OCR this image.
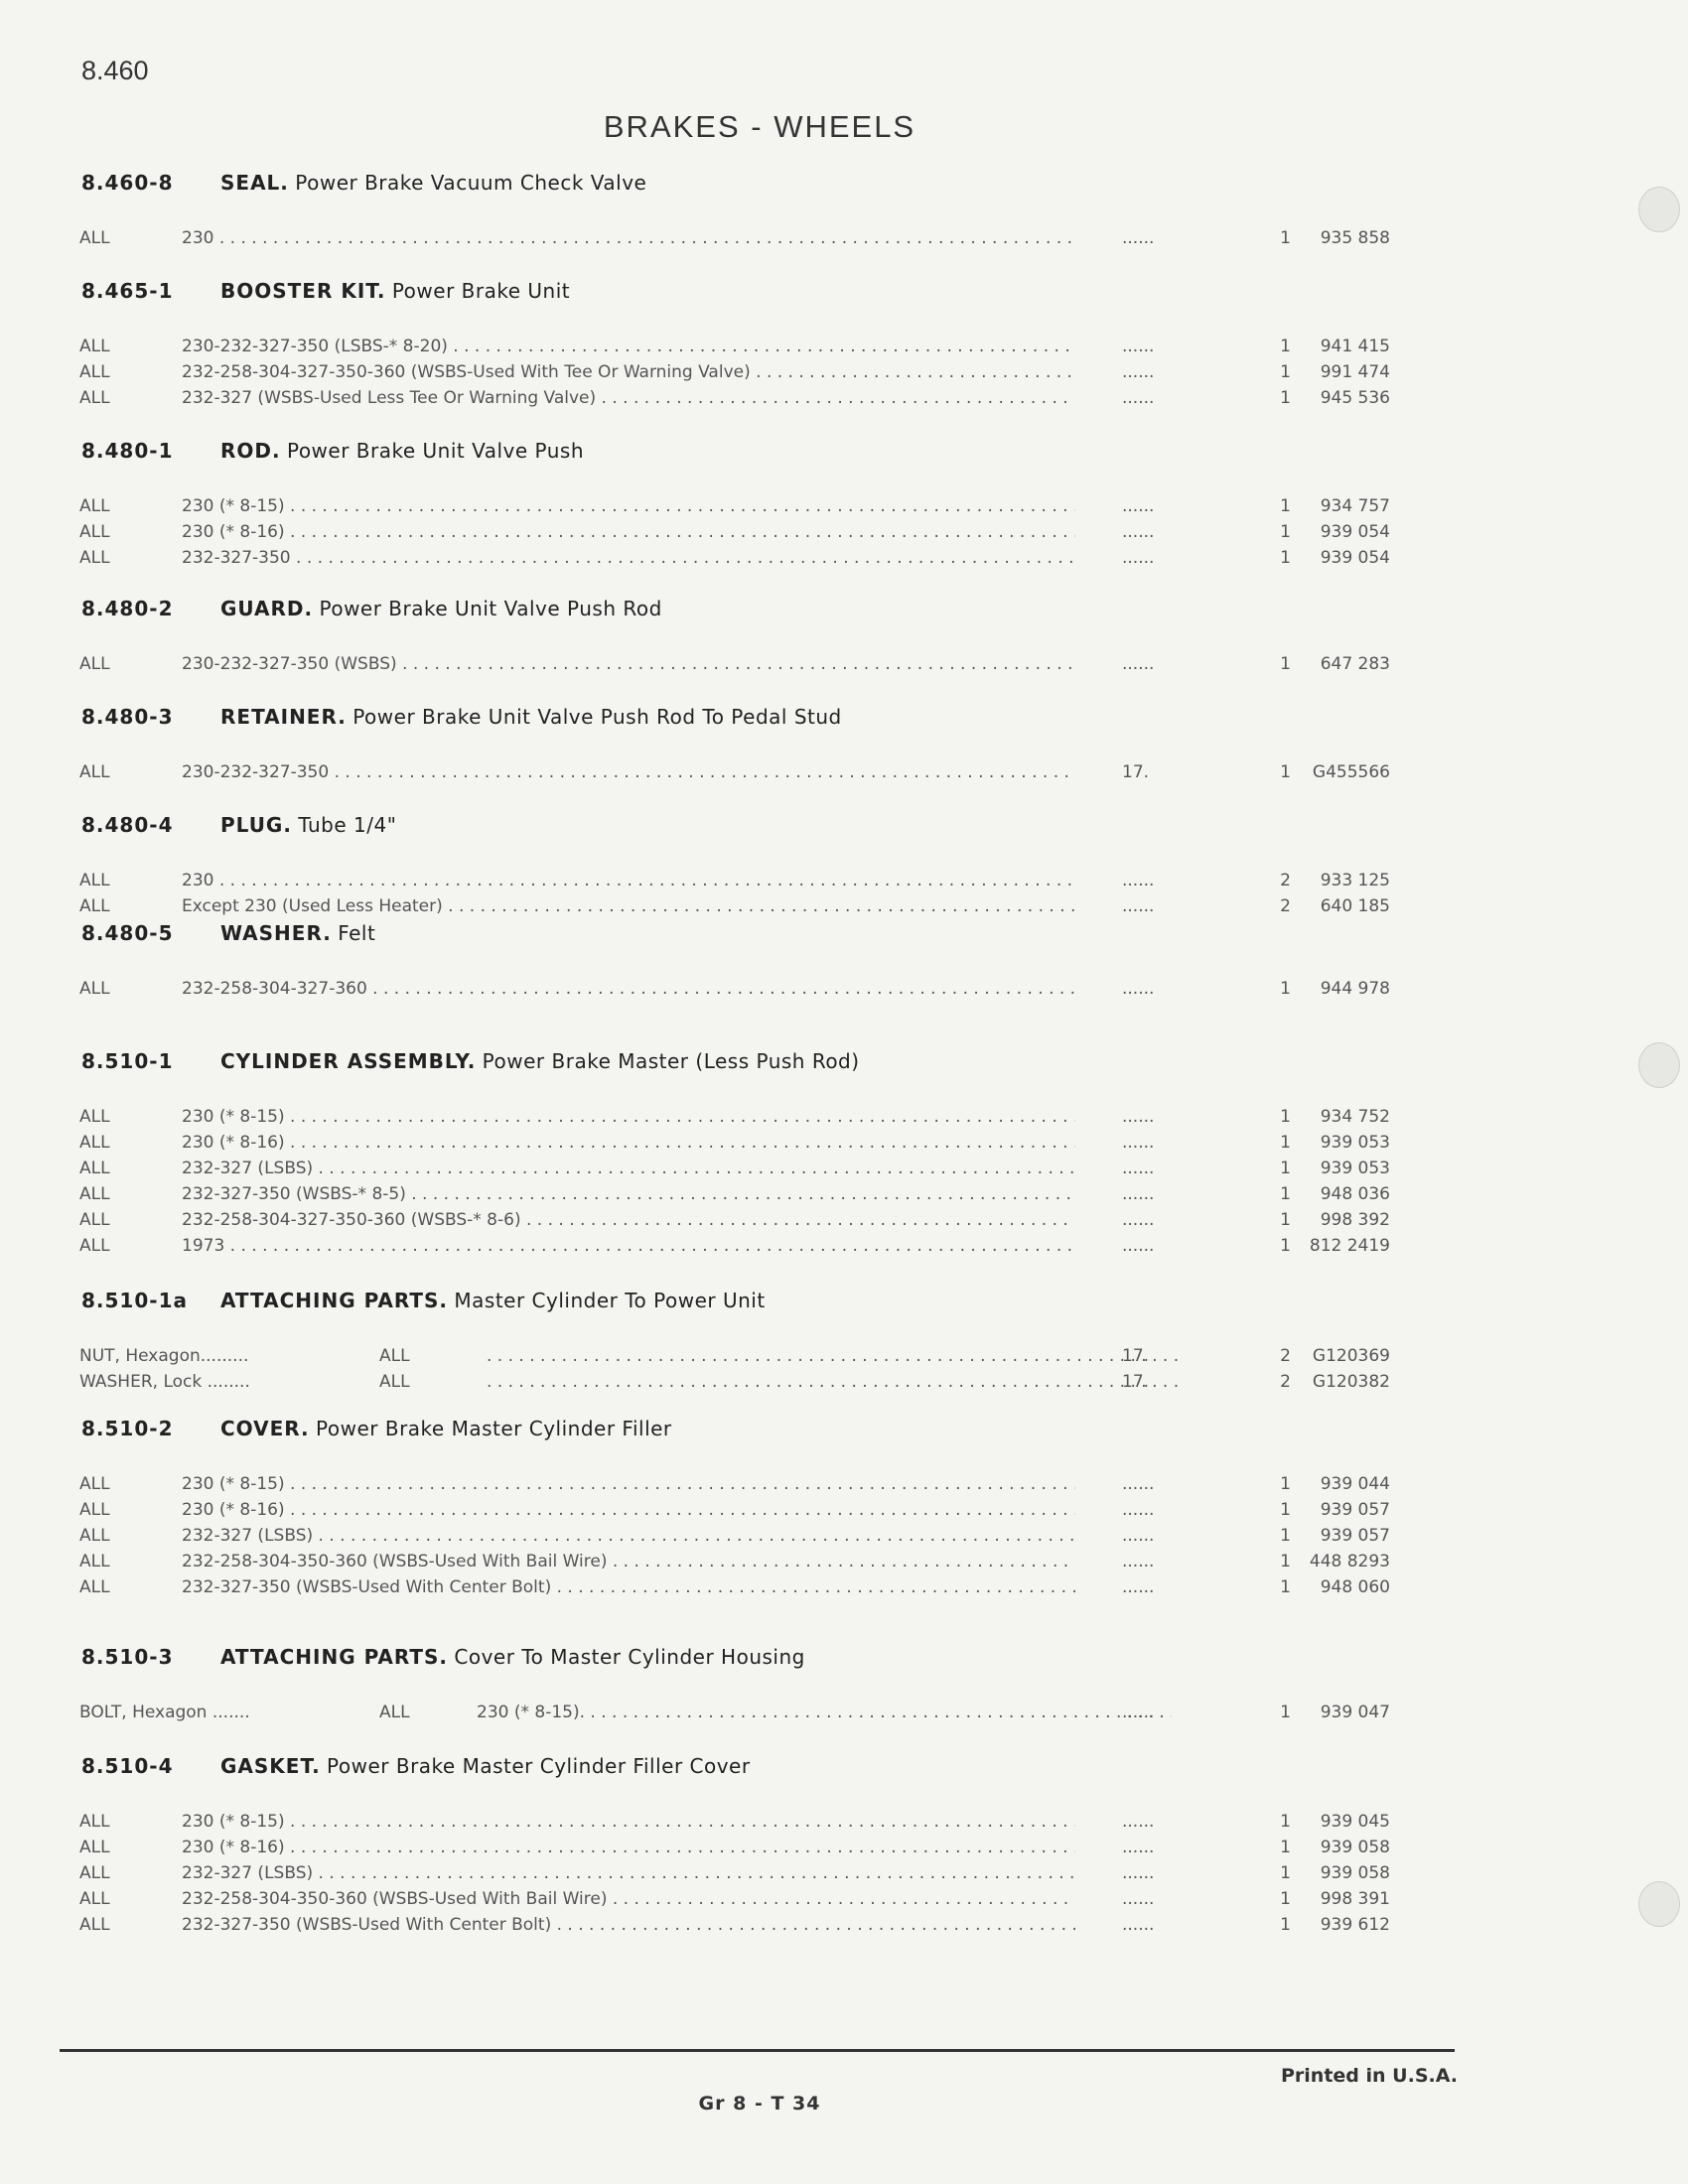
8.460
BRAKES - WHEELS
8.460-8 SEAL. Power Brake Vacuum Check Valve
ALL	230 . . .	......	1	935 858
8.465-1 BOOSTER KIT. Power Brake Unit
ALL	230-232-327-350 (LSBS-* 8-20) . . .	......	1	941 415
ALL	232-258-304-327-350-360 (WSBS-Used With Tee Or Warning Valve) . . .	......	1	991 474
ALL	232-327 (WSBS-Used Less Tee Or Warning Valve) . . .	......	1	945 536
8.480-1 ROD. Power Brake Unit Valve Push
ALL	230 (* 8-15) . . .	......	1	934 757
ALL	230 (* 8-16) . . .	......	1	939 054
ALL	232-327-350 . . .	......	1	939 054
8.480-2 GUARD. Power Brake Unit Valve Push Rod
ALL	230-232-327-350 (WSBS) . . .	......	1	647 283
8.480-3 RETAINER. Power Brake Unit Valve Push Rod To Pedal Stud
ALL	230-232-327-350 . . .	17.	1	G455566
8.480-4 PLUG. Tube 1/4"
ALL	230 . . .	......	2	933 125
ALL	Except 230 (Used Less Heater) . . .	......	2	640 185
8.480-5 WASHER. Felt
ALL	232-258-304-327-360 . . .	......	1	944 978
8.510-1 CYLINDER ASSEMBLY. Power Brake Master (Less Push Rod)
ALL	230 (* 8-15) . . .	......	1	934 752
ALL	230 (* 8-16) . . .	......	1	939 053
ALL	232-327 (LSBS) . . .	......	1	939 053
ALL	232-327-350 (WSBS-* 8-5) . . .	......	1	948 036
ALL	232-258-304-327-350-360 (WSBS-* 8-6) . . .	......	1	998 392
ALL	1973 . . .	......	1	812 2419
8.510-1a ATTACHING PARTS. Master Cylinder To Power Unit
NUT, Hexagon.........	ALL . . .	17.	2	G120369
WASHER, Lock ........	ALL . . .	17.	2	G120382
8.510-2 COVER. Power Brake Master Cylinder Filler
ALL	230 (* 8-15) . . .	......	1	939 044
ALL	230 (* 8-16) . . .	......	1	939 057
ALL	232-327 (LSBS) . . .	......	1	939 057
ALL	232-258-304-350-360 (WSBS-Used With Bail Wire) . . .	......	1	448 8293
ALL	232-327-350 (WSBS-Used With Center Bolt) . . .	......	1	948 060
8.510-3 ATTACHING PARTS. Cover To Master Cylinder Housing
BOLT, Hexagon .......	ALL	230 (* 8-15) . . .	......	1	939 047
8.510-4 GASKET. Power Brake Master Cylinder Filler Cover
ALL	230 (* 8-15) . . .	......	1	939 045
ALL	230 (* 8-16) . . .	......	1	939 058
ALL	232-327 (LSBS) . . .	......	1	939 058
ALL	232-258-304-350-360 (WSBS-Used With Bail Wire) . . .	......	1	998 391
ALL	232-327-350 (WSBS-Used With Center Bolt) . . .	......	1	939 612
Printed in U.S.A.
Gr 8 - T 34
